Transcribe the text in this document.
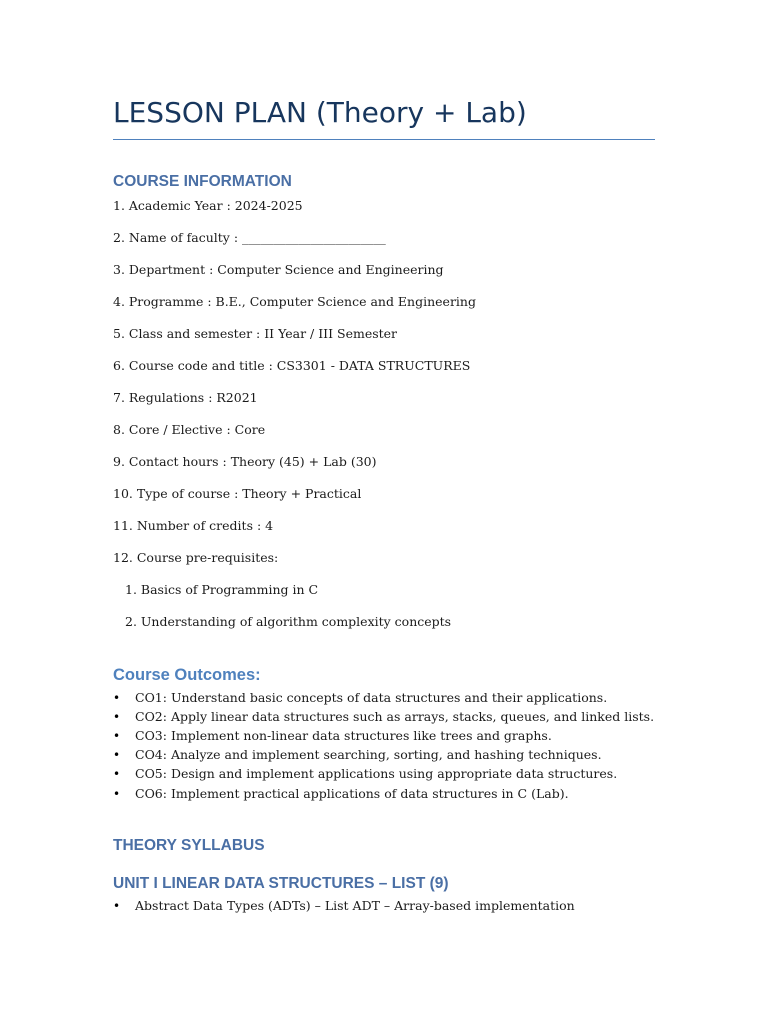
LESSON PLAN (Theory + Lab)
COURSE INFORMATION
1. Academic Year : 2024-2025
2. Name of faculty : _______________________
3. Department : Computer Science and Engineering
4. Programme : B.E., Computer Science and Engineering
5. Class and semester : II Year / III Semester
6. Course code and title : CS3301 - DATA STRUCTURES
7. Regulations : R2021
8. Core / Elective : Core
9. Contact hours : Theory (45) + Lab (30)
10. Type of course : Theory + Practical
11. Number of credits : 4
12. Course pre-requisites:
1. Basics of Programming in C
2. Understanding of algorithm complexity concepts
Course Outcomes:
• CO1: Understand basic concepts of data structures and their applications.
• CO2: Apply linear data structures such as arrays, stacks, queues, and linked lists.
• CO3: Implement non-linear data structures like trees and graphs.
• CO4: Analyze and implement searching, sorting, and hashing techniques.
• CO5: Design and implement applications using appropriate data structures.
• CO6: Implement practical applications of data structures in C (Lab).
THEORY SYLLABUS
UNIT I LINEAR DATA STRUCTURES – LIST (9)
• Abstract Data Types (ADTs) – List ADT – Array-based implementation
